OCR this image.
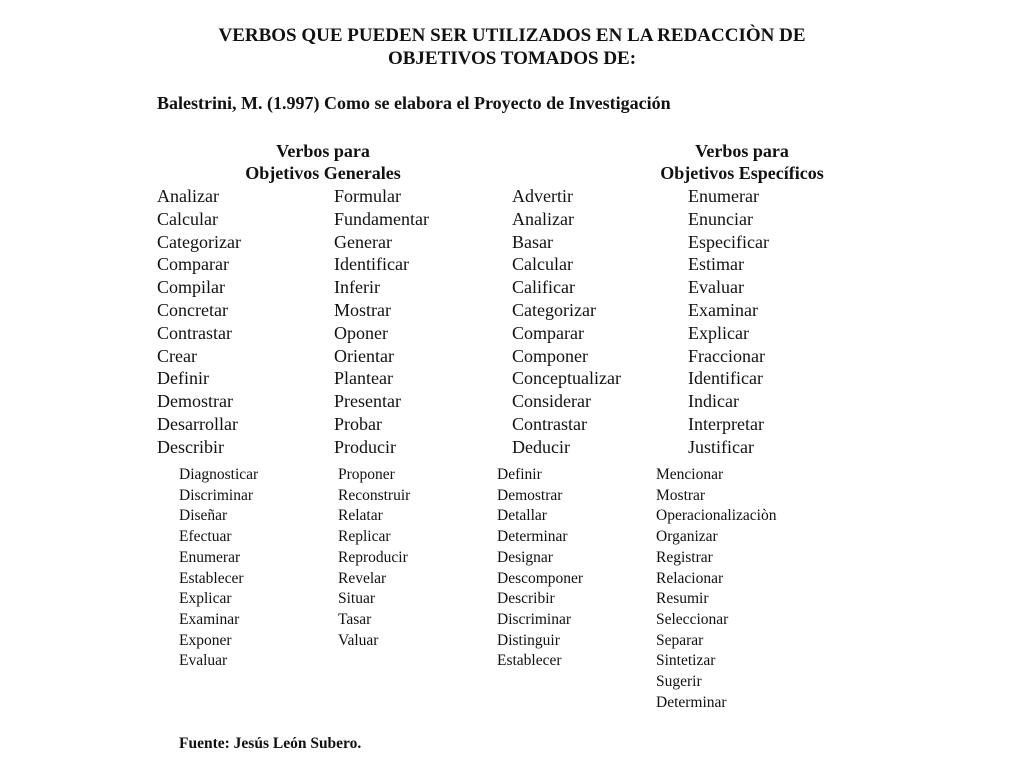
VERBOS QUE PUEDEN SER UTILIZADOS EN LA REDACCIÒN DE
OBJETIVOS TOMADOS DE:

Balestrini, M. (1.997) Como se elabora el Proyecto de Investigación

Verbos para
Objetivos Generales
Verbos para
Objetivos Específicos
Analizar
Calcular
Categorizar
Comparar
Compilar
Concretar
Contrastar
Crear
Definir
Demostrar
Desarrollar
Describir
Formular
Fundamentar
Generar
Identificar
Inferir
Mostrar
Oponer
Orientar
Plantear
Presentar
Probar
Producir
Advertir
Analizar
Basar
Calcular
Calificar
Categorizar
Comparar
Componer
Conceptualizar
Considerar
Contrastar
Deducir
Enumerar
Enunciar
Especificar
Estimar
Evaluar
Examinar
Explicar
Fraccionar
Identificar
Indicar
Interpretar
Justificar
Diagnosticar
Discriminar
Diseñar
Efectuar
Enumerar
Establecer
Explicar
Examinar
Exponer
Evaluar
Proponer
Reconstruir
Relatar
Replicar
Reproducir
Revelar
Situar
Tasar
Valuar
Definir
Demostrar
Detallar
Determinar
Designar
Descomponer
Describir
Discriminar
Distinguir
Establecer
Mencionar
Mostrar
Operacionalizaciòn
Organizar
Registrar
Relacionar
Resumir
Seleccionar
Separar
Sintetizar
Sugerir
Determinar

Fuente: Jesús León Subero.
